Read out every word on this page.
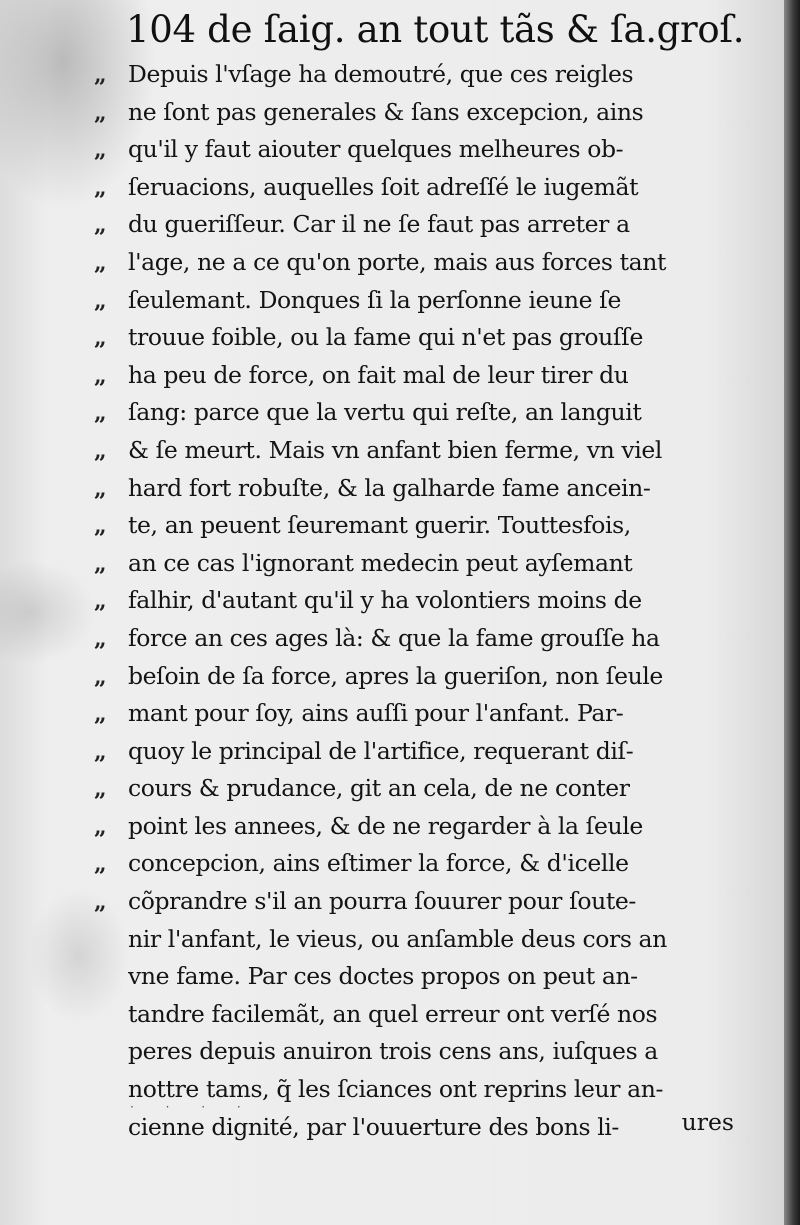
104 de ſaig. an tout tãs & ſa.groſ.
„ Depuis l'vſage ha demoutré, que ces reigles
„ ne ſont pas generales & ſans excepcion, ains
„ qu'il y faut aiouter quelques melheures ob-
„ ſeruacions, auquelles ſoit adreſſé le iugemãt
„ du gueriſſeur. Car il ne ſe faut pas arreter a
„ l'age, ne a ce qu'on porte, mais aus forces tant
„ ſeulemant. Donques ſi la perſonne ieune ſe
„ trouue foible, ou la fame qui n'et pas grouſſe
„ ha peu de force, on fait mal de leur tirer du
„ ſang: parce que la vertu qui reſte, an languit
„ & ſe meurt. Mais vn anfant bien ferme, vn viel
„ hard fort robuſte, & la galharde fame ancein-
„ te, an peuent ſeuremant guerir. Touttesfois,
„ an ce cas l'ignorant medecin peut ayſemant
„ falhir, d'autant qu'il y ha volontiers moins de
„ force an ces ages là: & que la fame grouſſe ha
„ beſoin de ſa force, apres la gueriſon, non ſeule
„ mant pour ſoy, ains auſſi pour l'anfant. Par-
„ quoy le principal de l'artifice, requerant diſ-
„ cours & prudance, git an cela, de ne conter
„ point les annees, & de ne regarder à la ſeule
„ concepcion, ains eſtimer la force, & d'icelle
„ cõprandre s'il an pourra ſouurer pour ſoute-
nir l'anfant, le vieus, ou anſamble deus cors an
vne fame. Par ces doctes propos on peut an-
tandre facilemãt, an quel erreur ont verſé nos
peres depuis anuiron trois cens ans, iuſques a
nottre tams, q̃ les ſciances ont reprins leur an-
cienne dignité, par l'ouuerture des bons li-
· · · ·
ures
